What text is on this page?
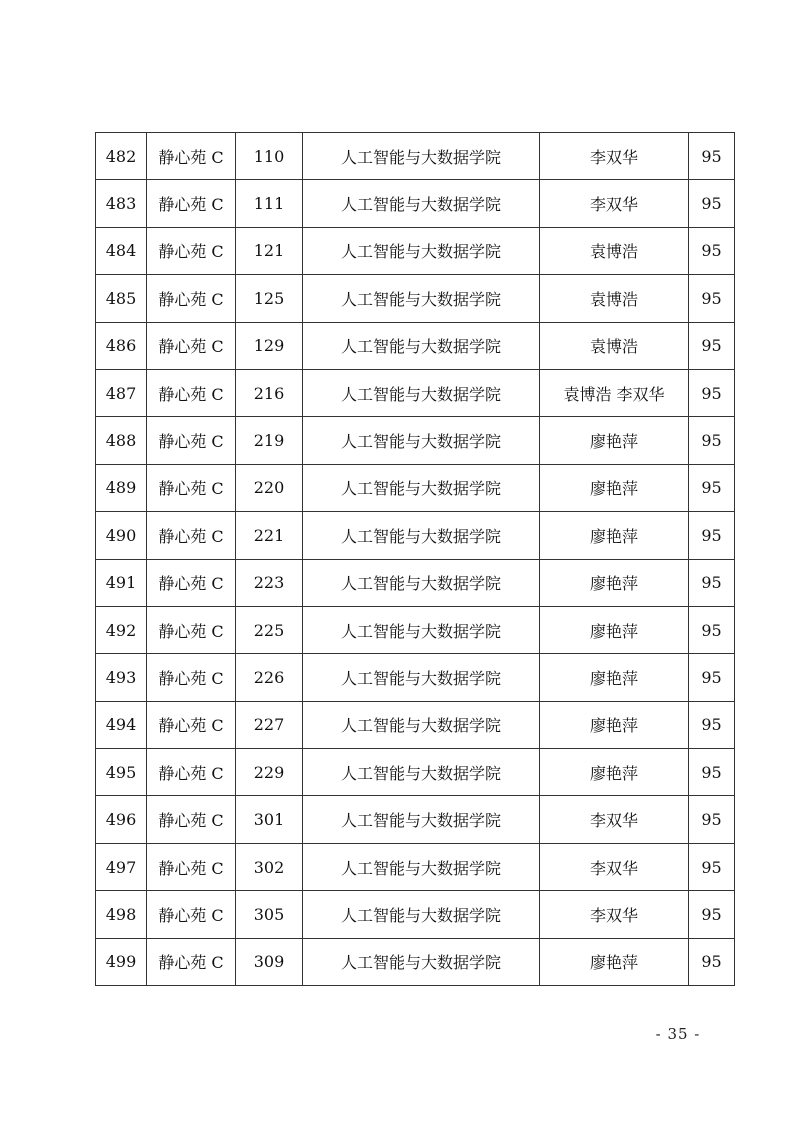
482	静心苑 C	110	人工智能与大数据学院	李双华	95
483	静心苑 C	111	人工智能与大数据学院	李双华	95
484	静心苑 C	121	人工智能与大数据学院	袁博浩	95
485	静心苑 C	125	人工智能与大数据学院	袁博浩	95
486	静心苑 C	129	人工智能与大数据学院	袁博浩	95
487	静心苑 C	216	人工智能与大数据学院	袁博浩 李双华	95
488	静心苑 C	219	人工智能与大数据学院	廖艳萍	95
489	静心苑 C	220	人工智能与大数据学院	廖艳萍	95
490	静心苑 C	221	人工智能与大数据学院	廖艳萍	95
491	静心苑 C	223	人工智能与大数据学院	廖艳萍	95
492	静心苑 C	225	人工智能与大数据学院	廖艳萍	95
493	静心苑 C	226	人工智能与大数据学院	廖艳萍	95
494	静心苑 C	227	人工智能与大数据学院	廖艳萍	95
495	静心苑 C	229	人工智能与大数据学院	廖艳萍	95
496	静心苑 C	301	人工智能与大数据学院	李双华	95
497	静心苑 C	302	人工智能与大数据学院	李双华	95
498	静心苑 C	305	人工智能与大数据学院	李双华	95
499	静心苑 C	309	人工智能与大数据学院	廖艳萍	95
- 35 -
